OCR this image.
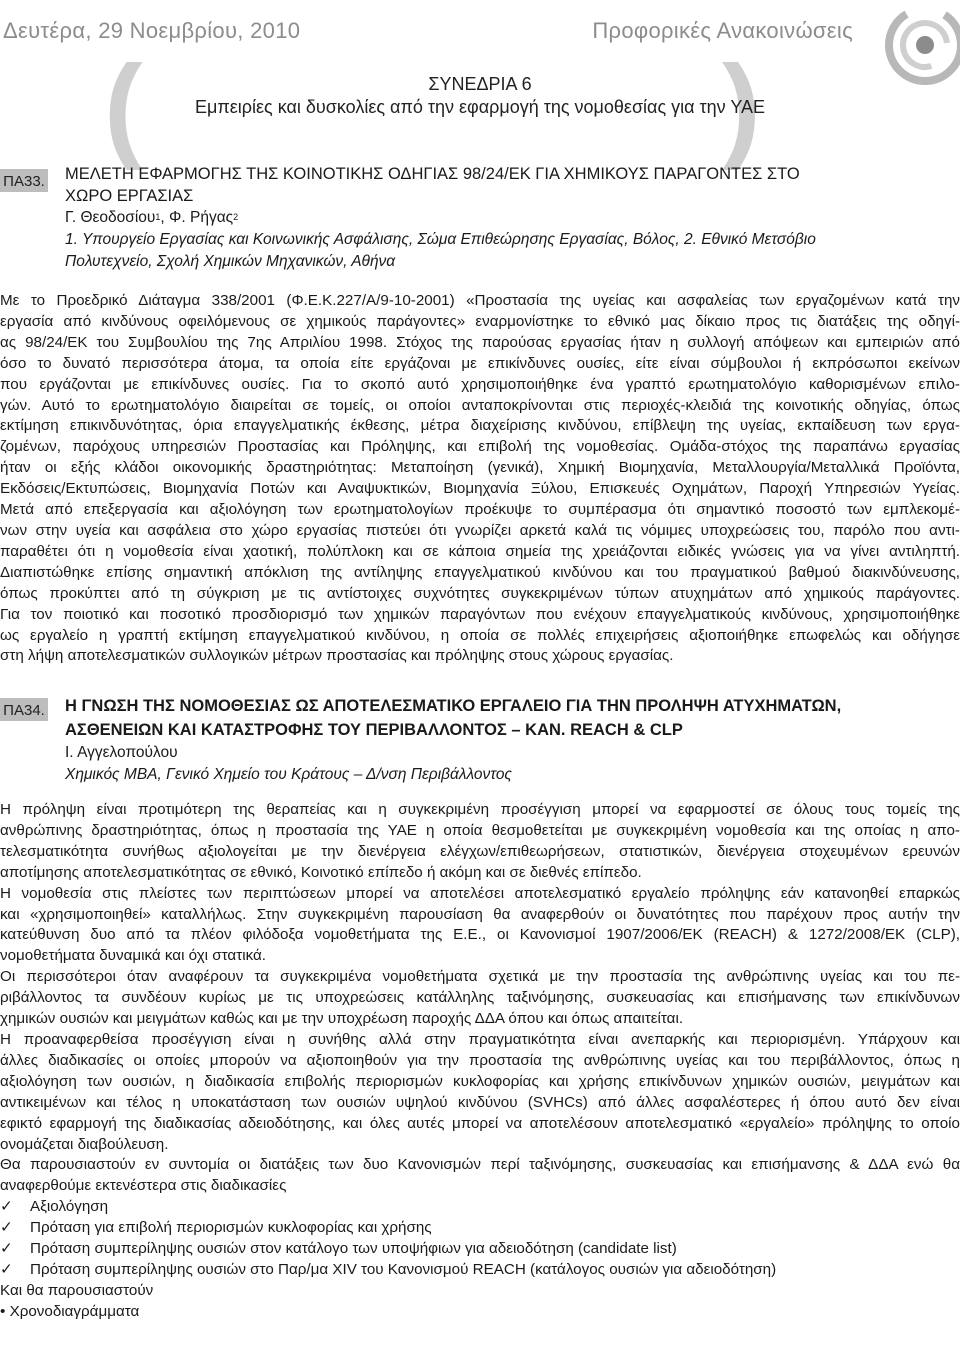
Δευτέρα, 29 Νοεμβρίου, 2010	Προφορικές Ανακοινώσεις
(	)
ΣΥΝΕΔΡΙΑ 6
Εμπειρίες και δυσκολίες από την εφαρμογή της νομοθεσίας για την ΥΑΕ
ΠΑ33. ΜΕΛΕΤΗ ΕΦΑΡΜΟΓΗΣ ΤΗΣ ΚΟΙΝΟΤΙΚΗΣ ΟΔΗΓΙΑΣ 98/24/ΕΚ ΓΙΑ ΧΗΜΙΚΟΥΣ ΠΑΡΑΓΟΝΤΕΣ ΣΤΟ ΧΩΡΟ ΕΡΓΑΣΙΑΣ
Γ. Θεοδοσίου$^1$, Φ. Ρήγας$^2$
1. Υπουργείο Εργασίας και Κοινωνικής Ασφάλισης, Σώμα Επιθεώρησης Εργασίας, Βόλος, 2. Εθνικό Μετσόβιο Πολυτεχνείο, Σχολή Χημικών Μηχανικών, Αθήνα
Με το Προεδρικό Διάταγμα 338/2001 (Φ.Ε.Κ.227/Α/9-10-2001) «Προστασία της υγείας και ασφαλείας των εργαζομένων κατά την
εργασία από κινδύνους οφειλόμενους σε χημικούς παράγοντες» εναρμονίστηκε το εθνικό μας δίκαιο προς τις διατάξεις της οδηγί-
ας 98/24/ΕΚ του Συμβουλίου της 7ης Απριλίου 1998. Στόχος της παρούσας εργασίας ήταν η συλλογή απόψεων και εμπειριών από
όσο το δυνατό περισσότερα άτομα, τα οποία είτε εργάζοναι με επικίνδυνες ουσίες, είτε είναι σύμβουλοι ή εκπρόσωποι εκείνων
που εργάζονται με επικίνδυνες ουσίες. Για το σκοπό αυτό χρησιμοποιήθηκε ένα γραπτό ερωτηματολόγιο καθορισμένων επιλο-
γών. Αυτό το ερωτηματολόγιο διαιρείται σε τομείς, οι οποίοι ανταποκρίνονται στις περιοχές-κλειδιά της κοινοτικής οδηγίας, όπως
εκτίμηση επικινδυνότητας, όρια επαγγελματικής έκθεσης, μέτρα διαχείρισης κινδύνου, επίβλεψη της υγείας, εκπαίδευση των εργα-
ζομένων, παρόχους υπηρεσιών Προστασίας και Πρόληψης, και επιβολή της νομοθεσίας. Ομάδα-στόχος της παραπάνω εργασίας
ήταν οι εξής κλάδοι οικονομικής δραστηριότητας: Μεταποίηση (γενικά), Χημική Βιομηχανία, Μεταλλουργία/Μεταλλικά Προϊόντα,
Εκδόσεις/Εκτυπώσεις, Βιομηχανία Ποτών και Αναψυκτικών, Βιομηχανία Ξύλου, Επισκευές Οχημάτων, Παροχή Υπηρεσιών Υγείας.
Μετά από επεξεργασία και αξιολόγηση των ερωτηματολογίων προέκυψε το συμπέρασμα ότι σημαντικό ποσοστό των εμπλεκομέ-
νων στην υγεία και ασφάλεια στο χώρο εργασίας πιστεύει ότι γνωρίζει αρκετά καλά τις νόμιμες υποχρεώσεις του, παρόλο που αντι-
παραθέτει ότι η νομοθεσία είναι χαοτική, πολύπλοκη και σε κάποια σημεία της χρειάζονται ειδικές γνώσεις για να γίνει αντιληπτή.
Διαπιστώθηκε επίσης σημαντική απόκλιση της αντίληψης επαγγελματικού κινδύνου και του πραγματικού βαθμού διακινδύνευσης,
όπως προκύπτει από τη σύγκριση με τις αντίστοιχες συχνότητες συγκεκριμένων τύπων ατυχημάτων από χημικούς παράγοντες.
Για τον ποιοτικό και ποσοτικό προσδιορισμό των χημικών παραγόντων που ενέχουν επαγγελματικούς κινδύνους, χρησιμοποιήθηκε
ως εργαλείο η γραπτή εκτίμηση επαγγελματικού κινδύνου, η οποία σε πολλές επιχειρήσεις αξιοποιήθηκε επωφελώς και οδήγησε
στη λήψη αποτελεσματικών συλλογικών μέτρων προστασίας και πρόληψης στους χώρους εργασίας.
ΠΑ34. Η ΓΝΩΣΗ ΤΗΣ ΝΟΜΟΘΕΣΙΑΣ ΩΣ ΑΠΟΤΕΛΕΣΜΑΤΙΚΟ ΕΡΓΑΛΕΙΟ ΓΙΑ ΤΗΝ ΠΡΟΛΗΨΗ ΑΤΥΧΗΜΑΤΩΝ,
ΑΣΘΕΝΕΙΩΝ ΚΑΙ ΚΑΤΑΣΤΡΟΦΗΣ ΤΟΥ ΠΕΡΙΒΑΛΛΟΝΤΟΣ – ΚΑΝ. REACH & CLP
Ι. Αγγελοπούλου
Χημικός MBA, Γενικό Χημείο του Κράτους – Δ/νση Περιβάλλοντος
Η πρόληψη είναι προτιμότερη της θεραπείας και η συγκεκριμένη προσέγγιση μπορεί να εφαρμοστεί σε όλους τους τομείς της
ανθρώπινης δραστηριότητας, όπως η προστασία της ΥΑΕ η οποία θεσμοθετείται με συγκεκριμένη νομοθεσία και της οποίας η απο-
τελεσματικότητα συνήθως αξιολογείται με την διενέργεια ελέγχων/επιθεωρήσεων, στατιστικών, διενέργεια στοχευμένων ερευνών
αποτίμησης αποτελεσματικότητας σε εθνικό, Κοινοτικό επίπεδο ή ακόμη και σε διεθνές επίπεδο.
Η νομοθεσία στις πλείστες των περιπτώσεων μπορεί να αποτελέσει αποτελεσματικό εργαλείο πρόληψης εάν κατανοηθεί επαρκώς
και «χρησιμοποιηθεί» καταλλήλως. Στην συγκεκριμένη παρουσίαση θα αναφερθούν οι δυνατότητες που παρέχουν προς αυτήν την
κατεύθυνση δυο από τα πλέον φιλόδοξα νομοθετήματα της Ε.Ε., οι Κανονισμοί 1907/2006/ΕΚ (REACH) & 1272/2008/ΕΚ (CLP),
νομοθετήματα δυναμικά και όχι στατικά.
Οι περισσότεροι όταν αναφέρουν τα συγκεκριμένα νομοθετήματα σχετικά με την προστασία της ανθρώπινης υγείας και του πε-
ριβάλλοντος τα συνδέουν κυρίως με τις υποχρεώσεις κατάλληλης ταξινόμησης, συσκευασίας και επισήμανσης των επικίνδυνων
χημικών ουσιών και μειγμάτων καθώς και με την υποχρέωση παροχής ΔΔΑ όπου και όπως απαιτείται.
Η προαναφερθείσα προσέγγιση είναι η συνήθης αλλά στην πραγματικότητα είναι ανεπαρκής και περιορισμένη. Υπάρχουν και
άλλες διαδικασίες οι οποίες μπορούν να αξιοποιηθούν για την προστασία της ανθρώπινης υγείας και του περιβάλλοντος, όπως η
αξιολόγηση των ουσιών, η διαδικασία επιβολής περιορισμών κυκλοφορίας και χρήσης επικίνδυνων χημικών ουσιών, μειγμάτων και
αντικειμένων και τέλος η υποκατάσταση των ουσιών υψηλού κινδύνου (SVHCs) από άλλες ασφαλέστερες ή όπου αυτό δεν είναι
εφικτό εφαρμογή της διαδικασίας αδειοδότησης, και όλες αυτές μπορεί να αποτελέσουν αποτελεσματικό «εργαλείο» πρόληψης το οποίο
ονομάζεται διαβούλευση.
Θα παρουσιαστούν εν συντομία οι διατάξεις των δυο Κανονισμών περί ταξινόμησης, συσκευασίας και επισήμανσης & ΔΔΑ ενώ θα
αναφερθούμε εκτενέστερα στις διαδικασίες
✓ Αξιολόγηση
✓ Πρόταση για επιβολή περιορισμών κυκλοφορίας και χρήσης
✓ Πρόταση συμπερίληψης ουσιών στον κατάλογο των υποψήφιων για αδειοδότηση (candidate list)
✓ Πρόταση συμπερίληψης ουσιών στο Παρ/μα XIV του Κανονισμού REACH (κατάλογος ουσιών για αδειοδότηση)
Και θα παρουσιαστούν
• Χρονοδιαγράμματα
